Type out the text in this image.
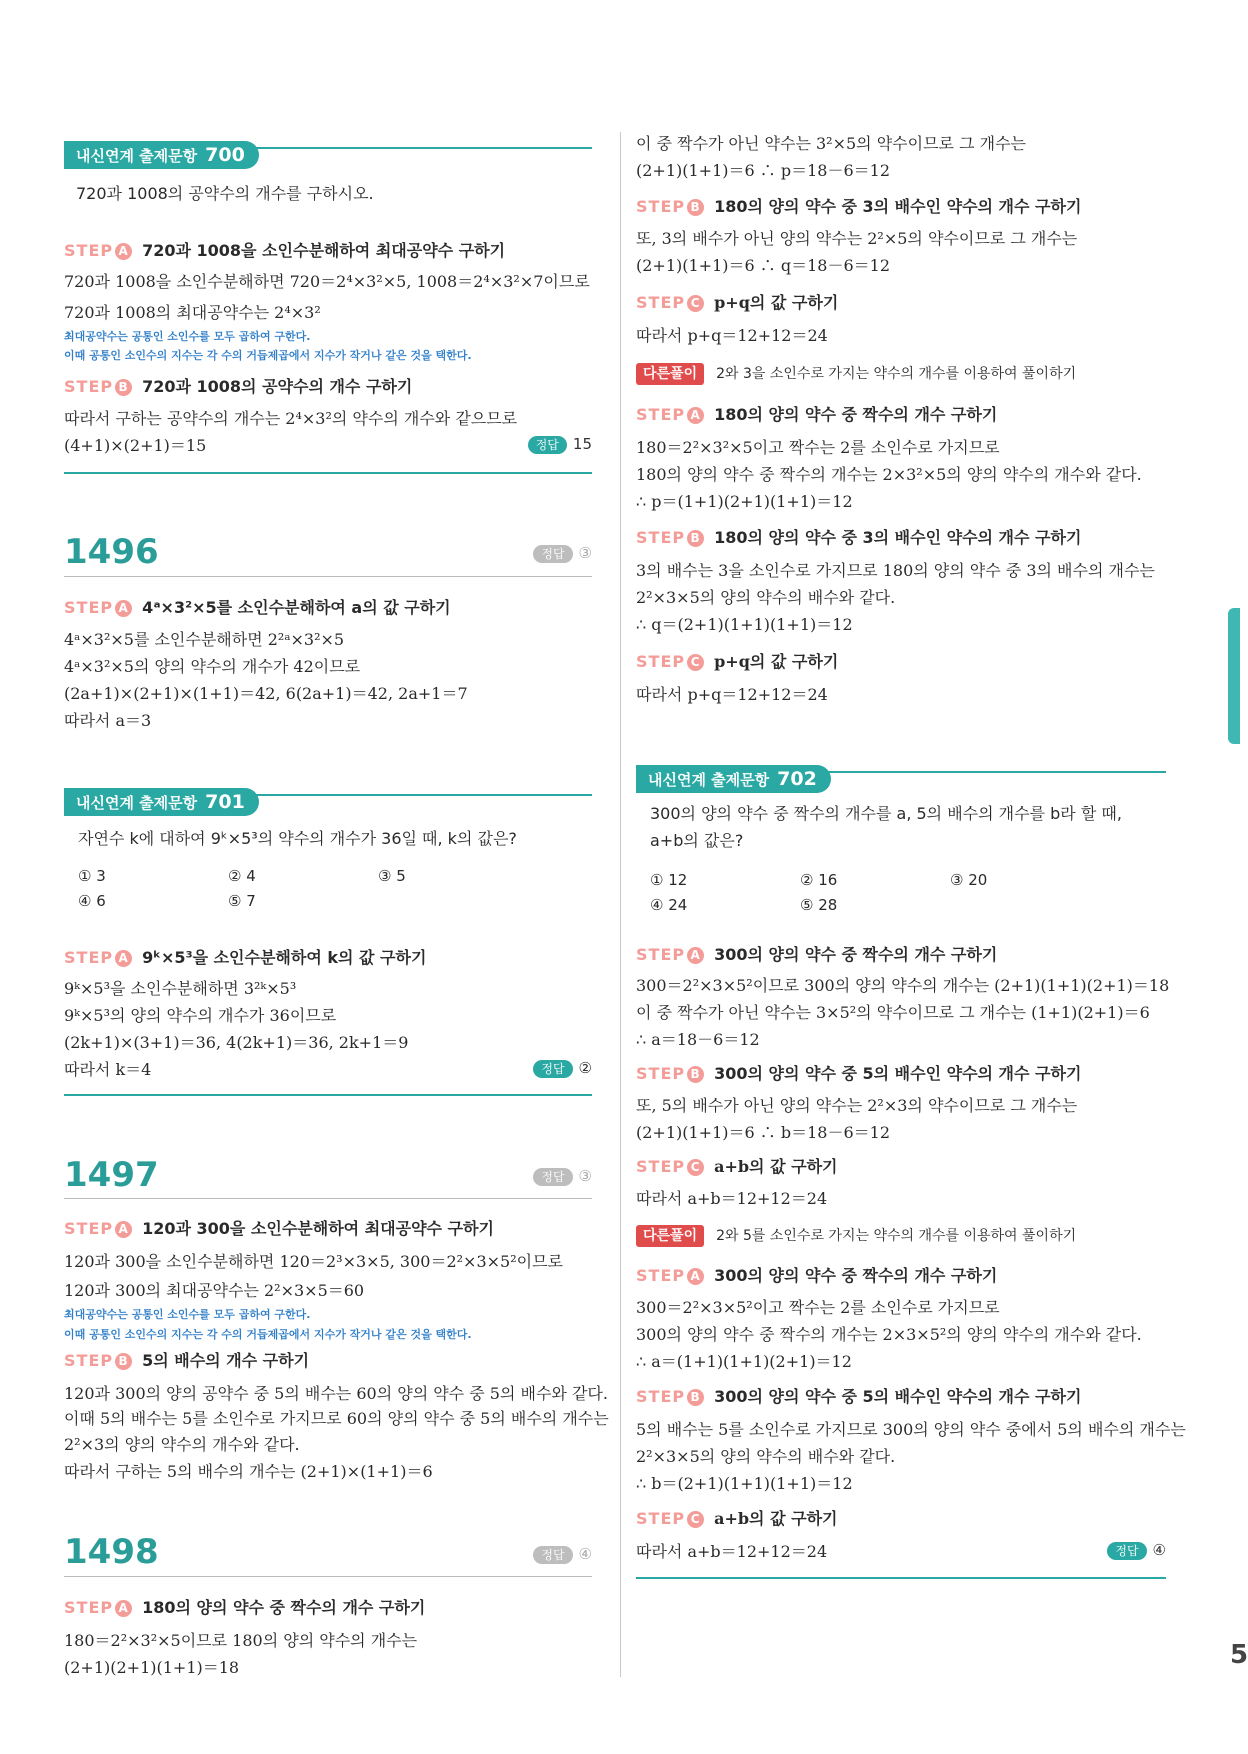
5
내신연계 출제문항 700
720과 1008의 공약수의 개수를 구하시오.
STEP A 720과 1008을 소인수분해하여 최대공약수 구하기
720과 1008을 소인수분해하면 720＝2⁴×3²×5, 1008＝2⁴×3²×7이므로
720과 1008의 최대공약수는 2⁴×3²
최대공약수는 공통인 소인수를 모두 곱하여 구한다.
이때 공통인 소인수의 지수는 각 수의 거듭제곱에서 지수가 작거나 같은 것을 택한다.
STEP B 720과 1008의 공약수의 개수 구하기
따라서 구하는 공약수의 개수는 2⁴×3²의 약수의 개수와 같으므로
(4+1)×(2+1)＝15	정답 15
1496	정답 ③
STEP A 4ᵃ×3²×5를 소인수분해하여 a의 값 구하기
4ᵃ×3²×5를 소인수분해하면 2²ᵃ×3²×5
4ᵃ×3²×5의 양의 약수의 개수가 42이므로
(2a+1)×(2+1)×(1+1)＝42, 6(2a+1)＝42, 2a+1＝7
따라서 a＝3
내신연계 출제문항 701
자연수 k에 대하여 9ᵏ×5³의 약수의 개수가 36일 때, k의 값은?
① 3	② 4	③ 5
④ 6	⑤ 7
STEP A 9ᵏ×5³을 소인수분해하여 k의 값 구하기
9ᵏ×5³을 소인수분해하면 3²ᵏ×5³
9ᵏ×5³의 양의 약수의 개수가 36이므로
(2k+1)×(3+1)＝36, 4(2k+1)＝36, 2k+1＝9
따라서 k＝4	정답 ②
1497	정답 ③
STEP A 120과 300을 소인수분해하여 최대공약수 구하기
120과 300을 소인수분해하면 120＝2³×3×5, 300＝2²×3×5²이므로
120과 300의 최대공약수는 2²×3×5＝60
최대공약수는 공통인 소인수를 모두 곱하여 구한다.
이때 공통인 소인수의 지수는 각 수의 거듭제곱에서 지수가 작거나 같은 것을 택한다.
STEP B 5의 배수의 개수 구하기
120과 300의 양의 공약수 중 5의 배수는 60의 양의 약수 중 5의 배수와 같다.
이때 5의 배수는 5를 소인수로 가지므로 60의 양의 약수 중 5의 배수의 개수는
2²×3의 양의 약수의 개수와 같다.
따라서 구하는 5의 배수의 개수는 (2+1)×(1+1)＝6
1498	정답 ④
STEP A 180의 양의 약수 중 짝수의 개수 구하기
180＝2²×3²×5이므로 180의 양의 약수의 개수는
(2+1)(2+1)(1+1)＝18
이 중 짝수가 아닌 약수는 3²×5의 약수이므로 그 개수는
(2+1)(1+1)＝6 ∴ p＝18－6＝12
STEP B 180의 양의 약수 중 3의 배수인 약수의 개수 구하기
또, 3의 배수가 아닌 양의 약수는 2²×5의 약수이므로 그 개수는
(2+1)(1+1)＝6 ∴ q＝18－6＝12
STEP C p+q의 값 구하기
따라서 p+q＝12+12＝24
다른풀이 2와 3을 소인수로 가지는 약수의 개수를 이용하여 풀이하기
STEP A 180의 양의 약수 중 짝수의 개수 구하기
180＝2²×3²×5이고 짝수는 2를 소인수로 가지므로
180의 양의 약수 중 짝수의 개수는 2×3²×5의 양의 약수의 개수와 같다.
∴ p＝(1+1)(2+1)(1+1)＝12
STEP B 180의 양의 약수 중 3의 배수인 약수의 개수 구하기
3의 배수는 3을 소인수로 가지므로 180의 양의 약수 중 3의 배수의 개수는
2²×3×5의 양의 약수의 배수와 같다.
∴ q＝(2+1)(1+1)(1+1)＝12
STEP C p+q의 값 구하기
따라서 p+q＝12+12＝24
내신연계 출제문항 702
300의 양의 약수 중 짝수의 개수를 a, 5의 배수의 개수를 b라 할 때,
a+b의 값은?
① 12	② 16	③ 20
④ 24	⑤ 28
STEP A 300의 양의 약수 중 짝수의 개수 구하기
300＝2²×3×5²이므로 300의 양의 약수의 개수는 (2+1)(1+1)(2+1)＝18
이 중 짝수가 아닌 약수는 3×5²의 약수이므로 그 개수는 (1+1)(2+1)＝6
∴ a＝18－6＝12
STEP B 300의 양의 약수 중 5의 배수인 약수의 개수 구하기
또, 5의 배수가 아닌 양의 약수는 2²×3의 약수이므로 그 개수는
(2+1)(1+1)＝6 ∴ b＝18－6＝12
STEP C a+b의 값 구하기
따라서 a+b＝12+12＝24
다른풀이 2와 5를 소인수로 가지는 약수의 개수를 이용하여 풀이하기
STEP A 300의 양의 약수 중 짝수의 개수 구하기
300＝2²×3×5²이고 짝수는 2를 소인수로 가지므로
300의 양의 약수 중 짝수의 개수는 2×3×5²의 양의 약수의 개수와 같다.
∴ a＝(1+1)(1+1)(2+1)＝12
STEP B 300의 양의 약수 중 5의 배수인 약수의 개수 구하기
5의 배수는 5를 소인수로 가지므로 300의 양의 약수 중에서 5의 배수의 개수는
2²×3×5의 양의 약수의 배수와 같다.
∴ b＝(2+1)(1+1)(1+1)＝12
STEP C a+b의 값 구하기
따라서 a+b＝12+12＝24	정답 ④
